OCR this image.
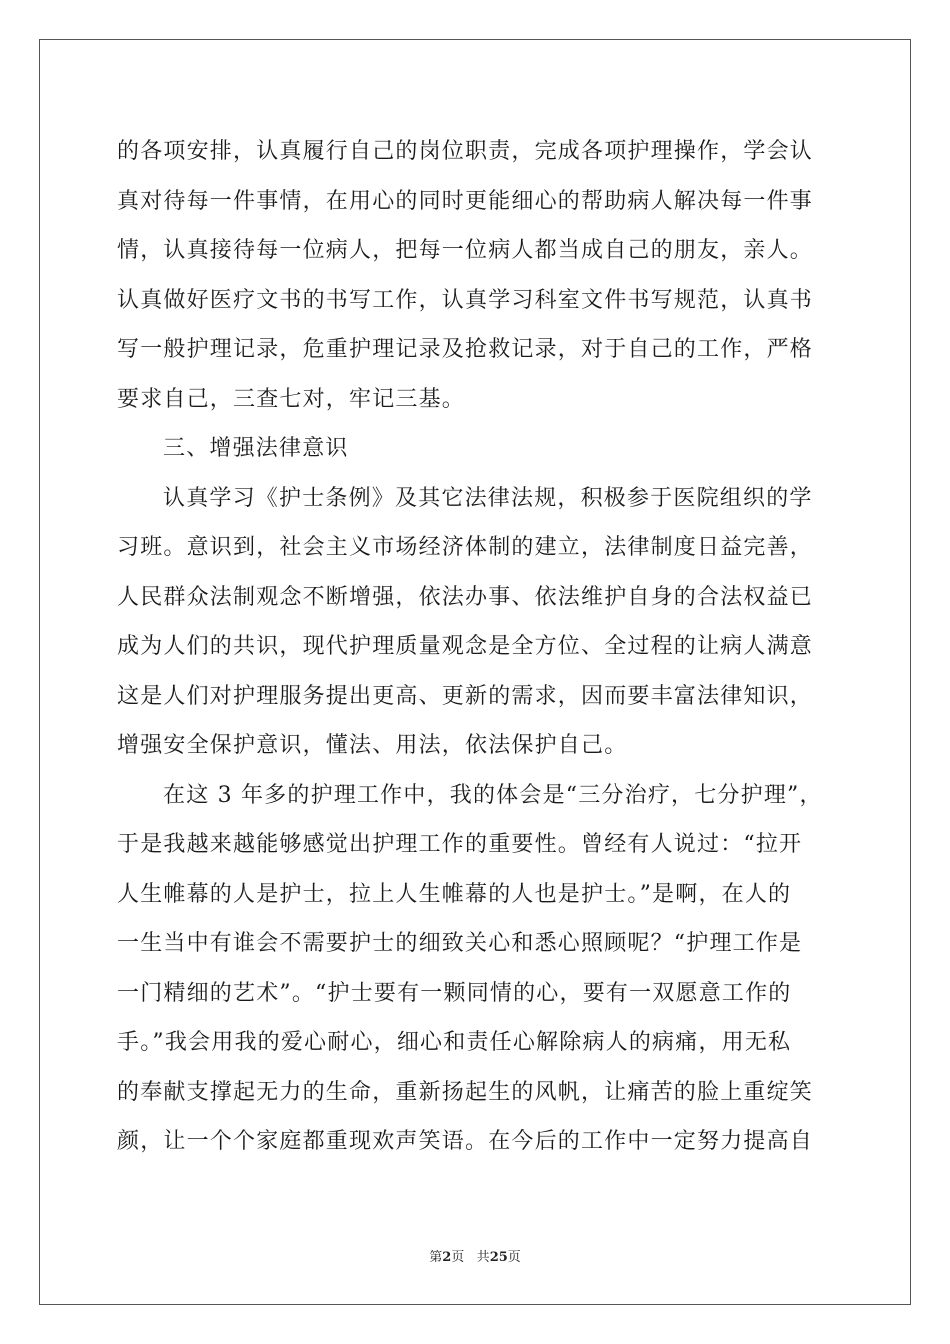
的各项安排，认真履行自己的岗位职责，完成各项护理操作，学会认
真对待每一件事情，在用心的同时更能细心的帮助病人解决每一件事
情，认真接待每一位病人，把每一位病人都当成自己的朋友，亲人。
认真做好医疗文书的书写工作，认真学习科室文件书写规范，认真书
写一般护理记录，危重护理记录及抢救记录，对于自己的工作，严格
要求自己，三查七对，牢记三基。
三、增强法律意识
认真学习《护士条例》及其它法律法规，积极参于医院组织的学
习班。意识到，社会主义市场经济体制的建立，法律制度日益完善，
人民群众法制观念不断增强，依法办事、依法维护自身的合法权益已
成为人们的共识，现代护理质量观念是全方位、全过程的让病人满意
这是人们对护理服务提出更高、更新的需求，因而要丰富法律知识，
增强安全保护意识，懂法、用法，依法保护自己。
在这 3 年多的护理工作中，我的体会是“三分治疗，七分护理”，
于是我越来越能够感觉出护理工作的重要性。曾经有人说过：“拉开
人生帷幕的人是护士，拉上人生帷幕的人也是护士。”是啊，在人的
一生当中有谁会不需要护士的细致关心和悉心照顾呢？“护理工作是
一门精细的艺术”。“护士要有一颗同情的心，要有一双愿意工作的
手。”我会用我的爱心耐心，细心和责任心解除病人的病痛，用无私
的奉献支撑起无力的生命，重新扬起生的风帆，让痛苦的脸上重绽笑
颜，让一个个家庭都重现欢声笑语。在今后的工作中一定努力提高自
第2页 共25页
